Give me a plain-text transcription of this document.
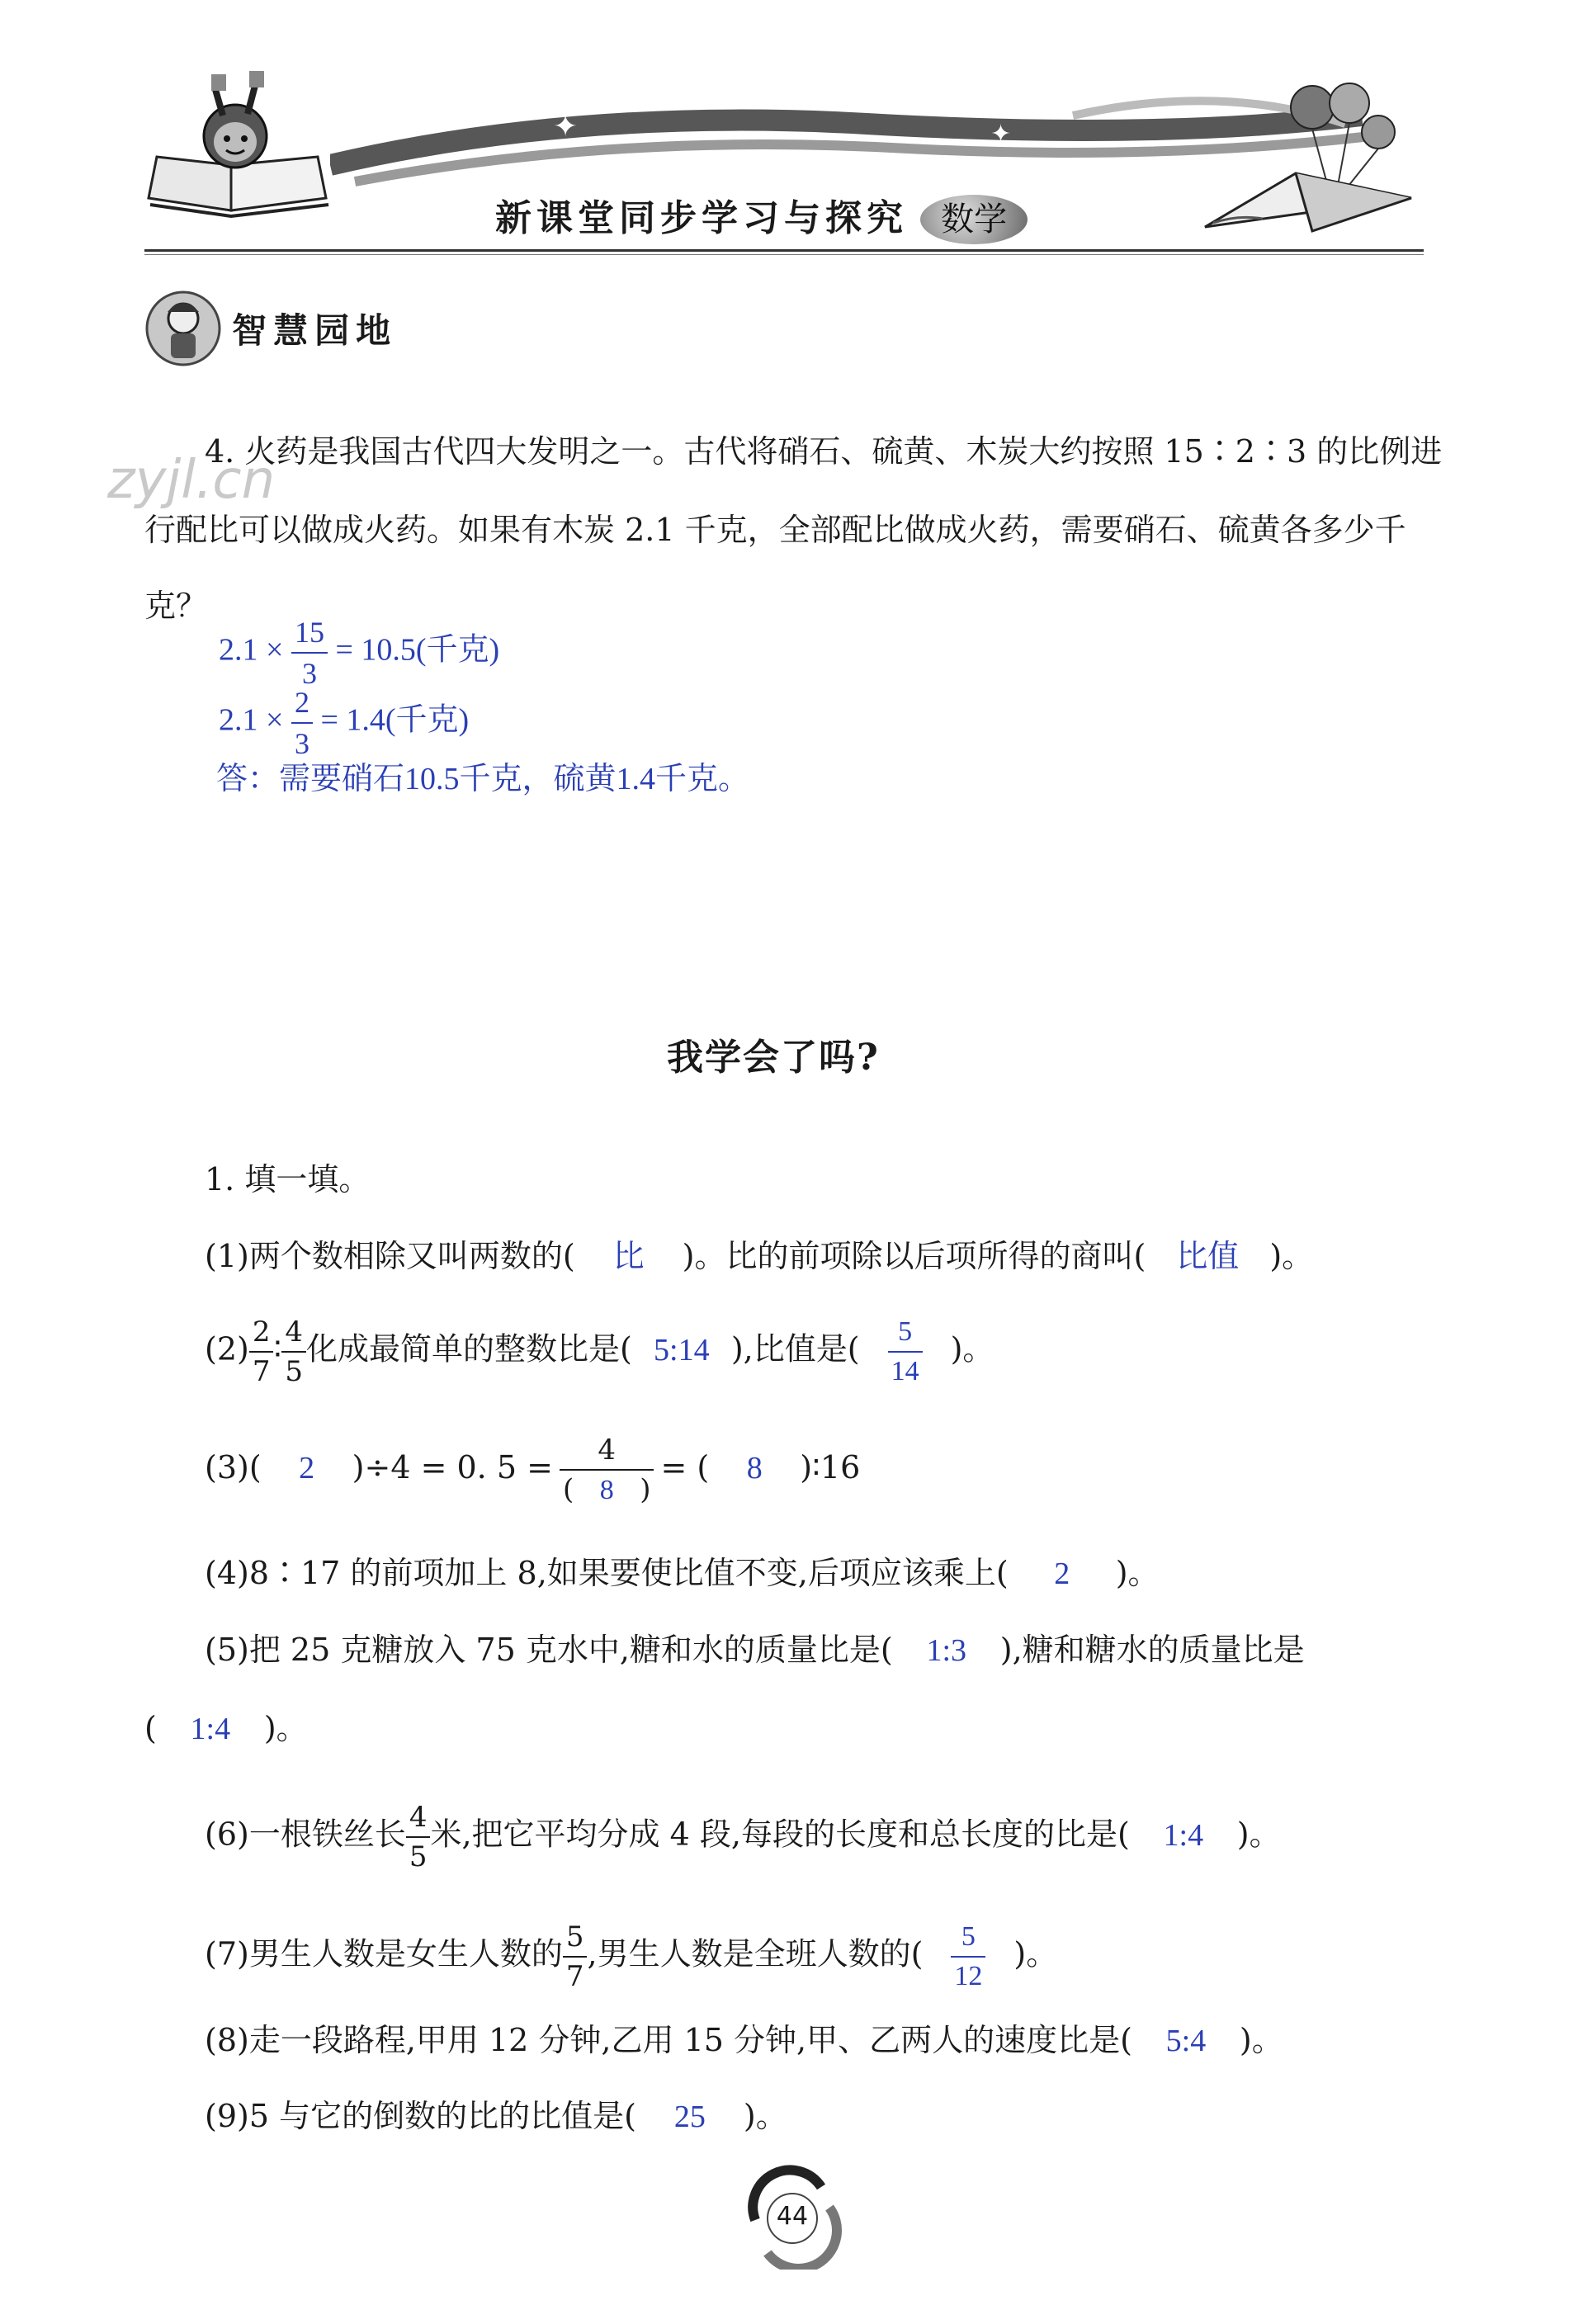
✦	✦
新课堂同步学习与探究 数学
智慧园地
zyjl.cn
4. 火药是我国古代四大发明之一。古代将硝石、硫黄、木炭大约按照 15∶2∶3 的比例进
行配比可以做成火药。如果有木炭 2.1 千克，全部配比做成火药，需要硝石、硫黄各多少千
克？
$2.1 \times \frac{15}{3} = 10.5$(千克)
$2.1 \times \frac{2}{3} = 1.4$(千克)
答：需要硝石10.5千克，硫黄1.4千克。
我学会了吗?
1. 填一填。
(1)两个数相除又叫两数的( 比 )。比的前项除以后项所得的商叫( 比值 )。
$(2) \frac{2}{7}$ ∶ $\frac{4}{5}$ 化成最简单的整数比是( 5:14 ),比值是( $\frac{5}{14}$ )。
(3)( 2 )÷4 = 0. $5 = \frac{4}{( 8 )}$ = ( 8 )∶16
(4)8∶17 的前项加上 8,如果要使比值不变,后项应该乘上( 2 )。
(5)把 25 克糖放入 75 克水中,糖和水的质量比是( 1:3 ),糖和糖水的质量比是
( 1:4 )。
(6)一根铁丝长 $\frac{4}{5}$ 米,把它平均分成 4 段,每段的长度和总长度的比是( 1:4 )。
(7)男生人数是女生人数的 $\frac{5}{7}$ ,男生人数是全班人数的( $\frac{5}{12}$ )。
(8)走一段路程,甲用 12 分钟,乙用 15 分钟,甲、乙两人的速度比是( 5:4 )。
(9)5 与它的倒数的比的比值是( 25 )。
44
